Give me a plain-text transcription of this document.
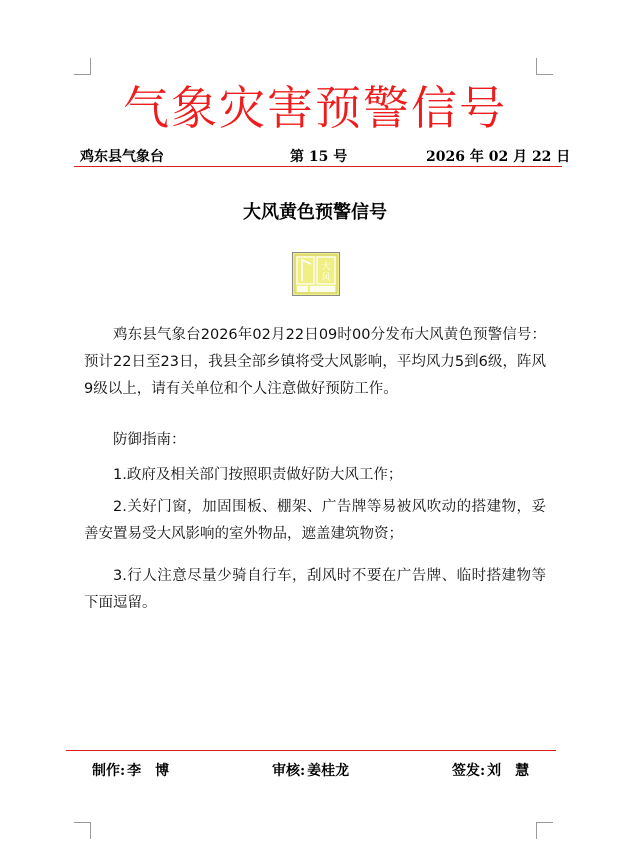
气象灾害预警信号
鸡东县气象台	第 15 号	2026 年 02 月 22 日
大风黄色预警信号
大
风

鸡东县气象台2026年02月22日09时00分发布大风黄色预警信号：预计22日至23日，我县全部乡镇将受大风影响，平均风力5到6级，阵风9级以上，请有关单位和个人注意做好预防工作。

防御指南：

1.政府及相关部门按照职责做好防大风工作；

2.关好门窗，加固围板、棚架、广告牌等易被风吹动的搭建物，妥善安置易受大风影响的室外物品，遮盖建筑物资；

3.行人注意尽量少骑自行车，刮风时不要在广告牌、临时搭建物等下面逗留。

制作: 李　博	审核: 姜桂龙	签发: 刘　慧
